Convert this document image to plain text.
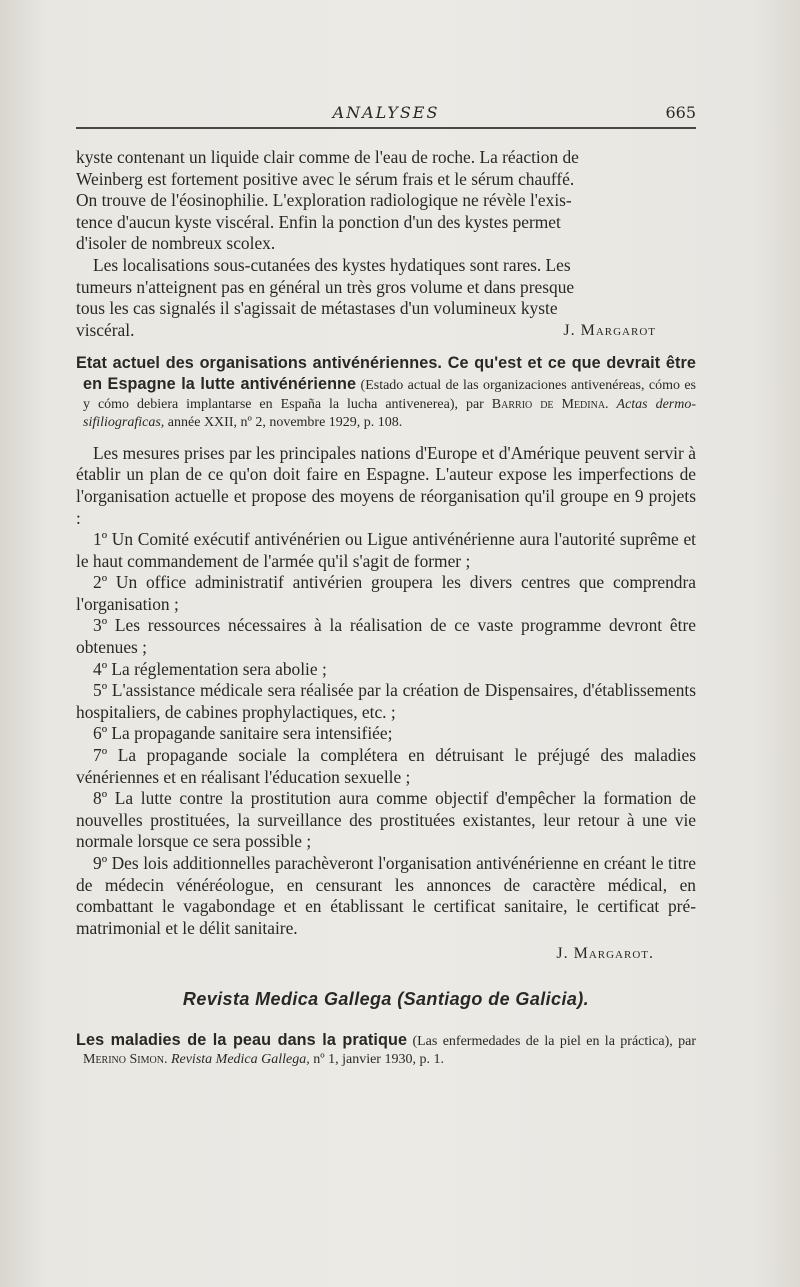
ANALYSES	665

kyste contenant un liquide clair comme de l'eau de roche. La réaction de

Weinberg est fortement positive avec le sérum frais et le sérum chauffé.

On trouve de l'éosinophilie. L'exploration radiologique ne révèle l'exis-

tence d'aucun kyste viscéral. Enfin la ponction d'un des kystes permet

d'isoler de nombreux scolex.

Les localisations sous-cutanées des kystes hydatiques sont rares. Les

tumeurs n'atteignent pas en général un très gros volume et dans presque

tous les cas signalés il s'agissait de métastases d'un volumineux kyste

viscéral.	J. Margarot
Etat actuel des organisations antivénériennes. Ce qu'est et ce que devrait être en Espagne la lutte antivénérienne (Estado actual de las organizaciones antivenéreas, cómo es y cómo debiera implantarse en España la lucha antivenerea), par Barrio de Medina. Actas dermo-sifiliograficas, année XXII, nº 2, novembre 1929, p. 108.

Les mesures prises par les principales nations d'Europe et d'Amérique peuvent servir à établir un plan de ce qu'on doit faire en Espagne. L'auteur expose les imperfections de l'organisation actuelle et propose des moyens de réorganisation qu'il groupe en 9 projets :

1º Un Comité exécutif antivénérien ou Ligue antivénérienne aura l'autorité suprême et le haut commandement de l'armée qu'il s'agit de former ;

2º Un office administratif antivérien groupera les divers centres que comprendra l'organisation ;

3º Les ressources nécessaires à la réalisation de ce vaste programme devront être obtenues ;

4º La réglementation sera abolie ;

5º L'assistance médicale sera réalisée par la création de Dispensaires, d'établissements hospitaliers, de cabines prophylactiques, etc. ;

6º La propagande sanitaire sera intensifiée;

7º La propagande sociale la complétera en détruisant le préjugé des maladies vénériennes et en réalisant l'éducation sexuelle ;

8º La lutte contre la prostitution aura comme objectif d'empêcher la formation de nouvelles prostituées, la surveillance des prostituées existantes, leur retour à une vie normale lorsque ce sera possible ;

9º Des lois additionnelles parachèveront l'organisation antivénérienne en créant le titre de médecin vénéréologue, en censurant les annonces de caractère médical, en combattant le vagabondage et en établissant le certificat sanitaire, le certificat pré-matrimonial et le délit sanitaire.

J. Margarot.
Revista Medica Gallega (Santiago de Galicia).
Les maladies de la peau dans la pratique (Las enfermedades de la piel en la práctica), par Merino Simon. Revista Medica Gallega, nº 1, janvier 1930, p. 1.
